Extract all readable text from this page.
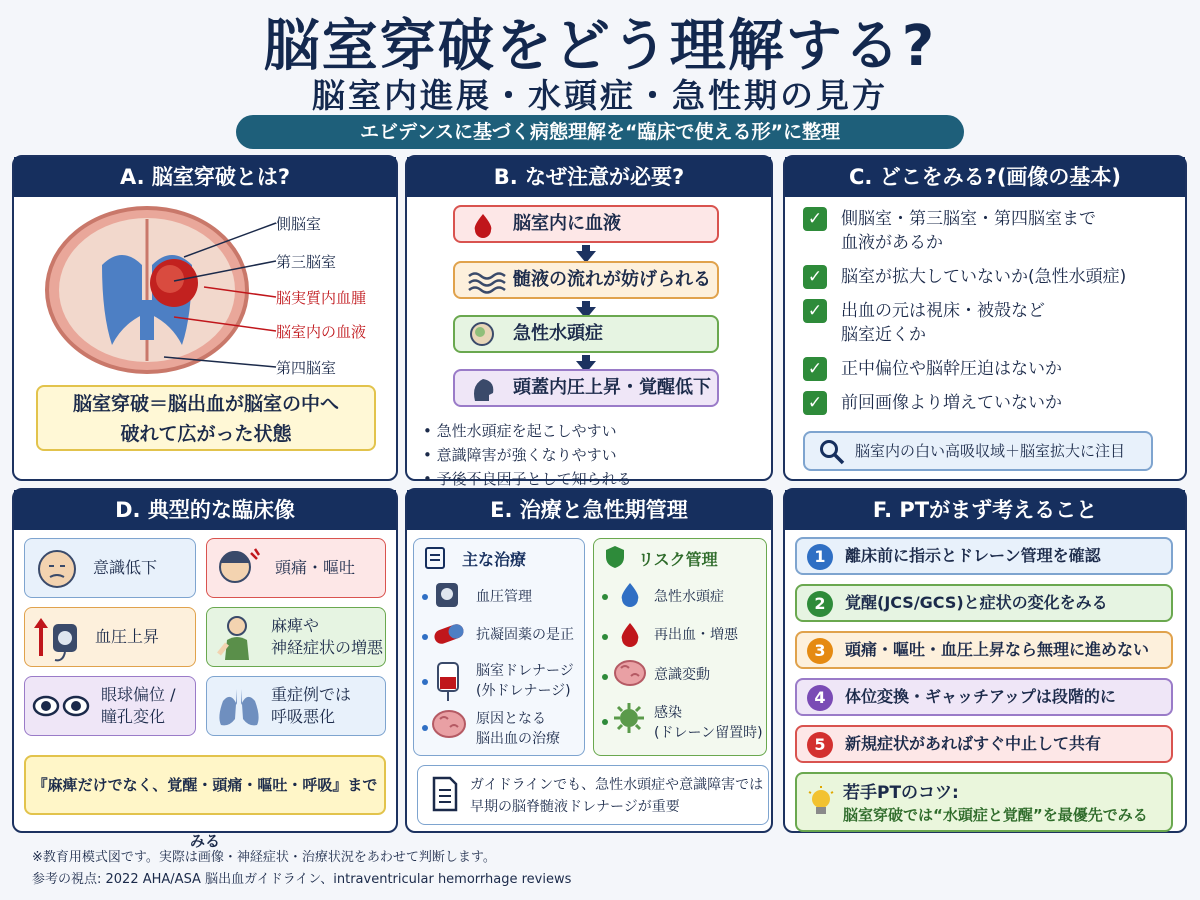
脳室穿破をどう理解する?
脳室内進展・水頭症・急性期の見方
エビデンスに基づく病態理解を“臨床で使える形”に整理
A. 脳室穿破とは?
側脳室
第三脳室
脳実質内血腫
脳室内の血液
第四脳室
脳室穿破＝脳出血が脳室の中へ
破れて広がった状態
B. なぜ注意が必要?
脳室内に血液
髄液の流れが妨げられる
急性水頭症
頭蓋内圧上昇・覚醒低下
• 急性水頭症を起こしやすい
• 意識障害が強くなりやすい
• 予後不良因子として知られる
C. どこをみる?(画像の基本)
✓ 側脳室・第三脳室・第四脳室まで
血液があるか
✓ 脳室が拡大していないか(急性水頭症)
✓ 出血の元は視床・被殻など
脳室近くか
✓ 正中偏位や脳幹圧迫はないか
✓ 前回画像より増えていないか
脳室内の白い高吸収域＋脳室拡大に注目
D. 典型的な臨床像
意識低下	頭痛・嘔吐
血圧上昇
麻痺や
神経症状の増悪
眼球偏位 /
瞳孔変化
重症例では
呼吸悪化
『麻痺だけでなく、覚醒・頭痛・嘔吐・呼吸』までみる
E. 治療と急性期管理
主な治療
血圧管理
抗凝固薬の是正
脳室ドレナージ
(外ドレナージ)
原因となる
脳出血の治療
リスク管理
急性水頭症
再出血・増悪
意識変動
感染
(ドレーン留置時)
ガイドラインでも、急性水頭症や意識障害では
早期の脳脊髄液ドレナージが重要
F. PTがまず考えること
1	離床前に指示とドレーン管理を確認
2	覚醒(JCS/GCS)と症状の変化をみる
3	頭痛・嘔吐・血圧上昇なら無理に進めない
4	体位変換・ギャッチアップは段階的に
5	新規症状があればすぐ中止して共有
若手PTのコツ:
脳室穿破では“水頭症と覚醒”を最優先でみる
※教育用模式図です。実際は画像・神経症状・治療状況をあわせて判断します。
参考の視点: 2022 AHA/ASA 脳出血ガイドライン、intraventricular hemorrhage reviews
